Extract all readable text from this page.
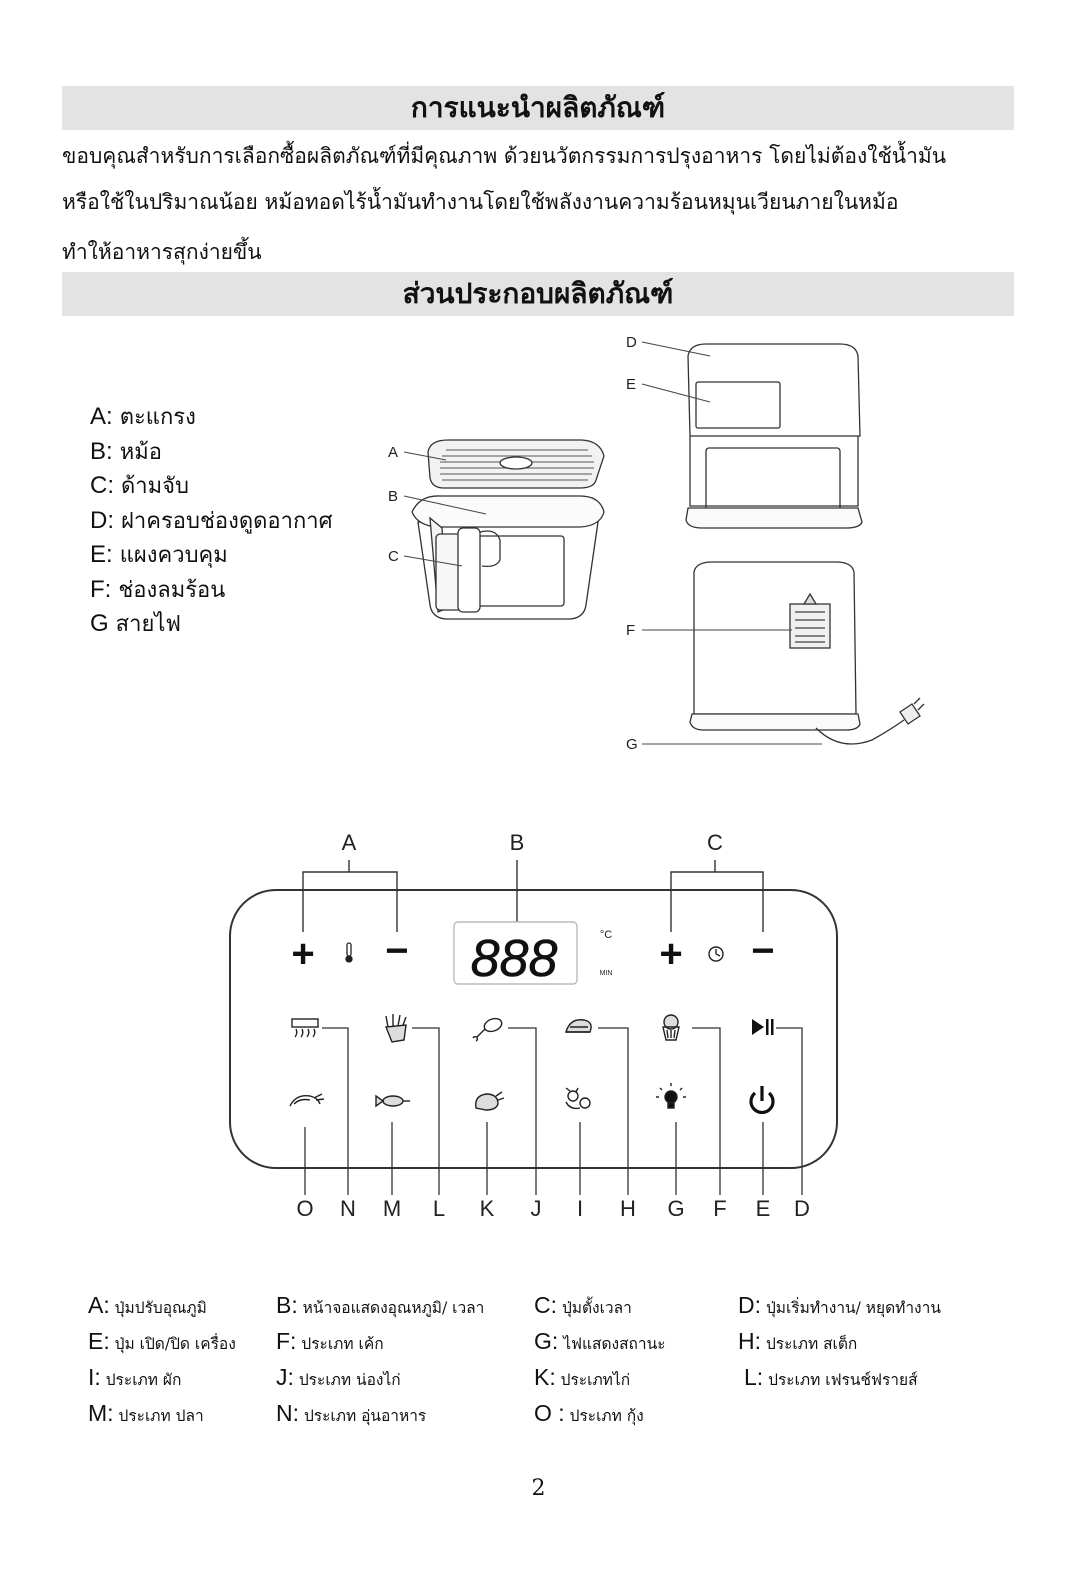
การแนะนำผลิตภัณฑ์
ขอบคุณสำหรับการเลือกซื้อผลิตภัณฑ์ที่มีคุณภาพ ด้วยนวัตกรรมการปรุงอาหาร โดยไม่ต้องใช้น้ำมัน
หรือใช้ในปริมาณน้อย หม้อทอดไร้น้ำมันทำงานโดยใช้พลังงานความร้อนหมุนเวียนภายในหม้อ
ทำให้อาหารสุกง่ายขึ้น
ส่วนประกอบผลิตภัณฑ์
A: ตะแกรง
B: หม้อ
C: ด้ามจับ
D: ฝาครอบช่องดูดอากาศ
E: แผงควบคุม
F: ช่องลมร้อน
G สายไฟ
A
B
C
D
E
F
G
A	B	C
888	°C
MIN
+ −	+ −
O N M L K J I H G F E D
A: ปุ่มปรับอุณภูมิ	B: หน้าจอแสดงอุณหภูมิ/ เวลา C: ปุ่มตั้งเวลา	D: ปุ่มเริ่มทำงาน/ หยุดทำงาน
E: ปุ่ม เปิด/ปิด เครื่อง F: ประเภท เค้ก	G: ไฟแสดงสถานะ	H: ประเภท สเต็ก
I: ประเภท ผัก	J: ประเภท น่องไก่	K: ประเภทไก่	L: ประเภท เฟรนช์ฟรายส์
M: ประเภท ปลา	N: ประเภท อุ่นอาหาร	O : ประเภท กุ้ง
2
